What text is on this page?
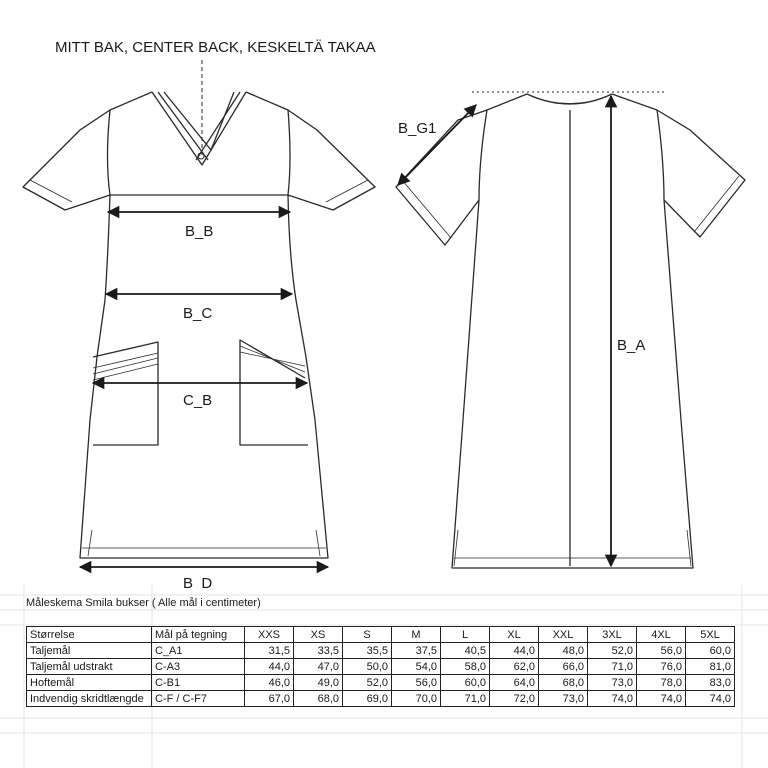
MITT BAK, CENTER BACK, KESKELTÄ TAKAA
B_B
B_C
C_B
B_D
B_G1
B_A
Måleskema Smila bukser ( Alle mål i centimeter)
Størrelse	Mål på tegning	XXS	XS	S	M	L	XL	XXL	3XL	4XL	5XL
Taljemål	C_A1	31,5	33,5	35,5	37,5	40,5	44,0	48,0	52,0	56,0	60,0
Taljemål udstrakt	C-A3	44,0	47,0	50,0	54,0	58,0	62,0	66,0	71,0	76,0	81,0
Hoftemål	C-B1	46,0	49,0	52,0	56,0	60,0	64,0	68,0	73,0	78,0	83,0
Indvendig skridtlængde	C-F / C-F7	67,0	68,0	69,0	70,0	71,0	72,0	73,0	74,0	74,0	74,0
